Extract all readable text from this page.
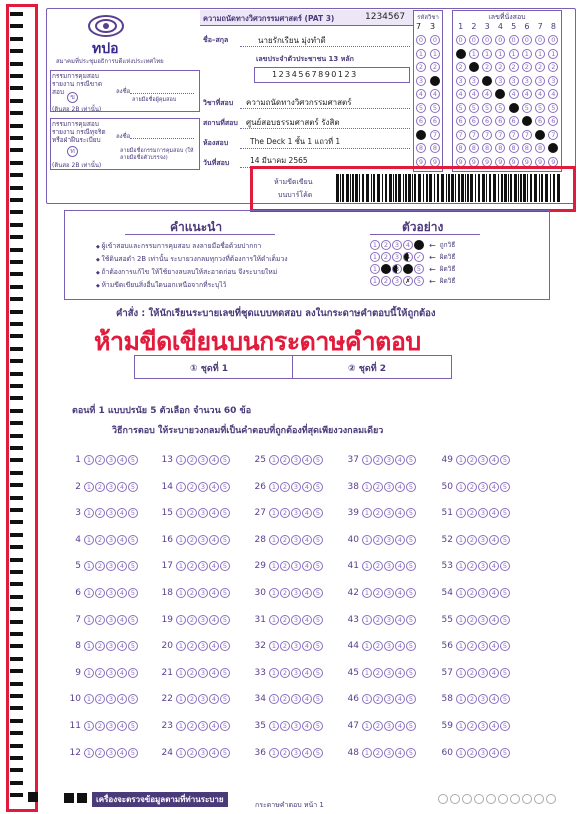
ทปอ
สมาคมที่ประชุมอธิการบดีแห่งประเทศไทย
กรรมการคุมสอบรายงาน กรณีขาดสอบ
ข
(ดินสอ 2B เท่านั้น)
ลงชื่อ
ลายมือชื่อผู้คุมสอบ
กรรมการคุมสอบรายงาน กรณีทุจริตหรือฝ่าฝืนระเบียบ
ท
(ดินสอ 2B เท่านั้น)
ลงชื่อ
ลายมือชื่อกรรมการคุมสอบ (ให้ลายมือชื่อตัวบรรจง)
ความถนัดทางวิศวกรรมศาสตร์ (PAT 3)	1234567
ชื่อ–สกุล	นายรักเรียน มุ่งทำดี
เลขประจำตัวประชาชน 13 หลัก
1234567890123
วิชาที่สอบ ความถนัดทางวิศวกรรมศาสตร์
สถานที่สอบ ศูนย์สอบธรรมศาสตร์ รังสิต
ห้องสอบ	The Deck 1 ชั้น 1 แถวที่ 1
วันที่สอบ	14 มีนาคม 2565
รหัสวิชา
7 3
0	0
1	1
2	2
3	3
4	4
5	5
6	6
7	7
8	8
9	9
เลขที่นั่งสอบ
1 2 3 4 5 6 7 8
0	0	0	0	0	0	0	0
1	1	1	1	1	1	1	1
2	2	2	2	2	2	2	2
3	3	3	3	3	3	3	3
4	4	4	4	4	4	4	4
5	5	5	5	5	5	5	5
6	6	6	6	6	6	6	6
7	7	7	7	7	7	7	7
8	8	8	8	8	8	8	8
9	9	9	9	9	9	9	9
ห้ามขีดเขียน
บนบาร์โค้ด
คำแนะนำ
◆ ผู้เข้าสอบและกรรมการคุมสอบ ลงลายมือชื่อด้วยปากกา
◆ ใช้ดินสอดำ 2B เท่านั้น ระบายวงกลมทุกวงที่ต้องการให้ดำเต็มวง
◆ ถ้าต้องการแก้ไข ให้ใช้ยางลบลบให้สะอาดก่อน จึงระบายใหม่
◆ ห้ามขีดเขียนสิ่งอื่นใดนอกเหนือจากที่ระบุไว้
ตัวอย่าง
1	2	3	4	5 ← ถูกวิธี
1	2	3	4 ✓ ← ผิดวิธี
1	2	3	4	5 ← ผิดวิธี
1	2	3 ✗ 5 ← ผิดวิธี
คำสั่ง : ให้นักเรียนระบายเลขที่ชุดแบบทดสอบ ลงในกระดาษคำตอบนี้ให้ถูกต้อง
① ชุดที่ 1	② ชุดที่ 2
ห้ามขีดเขียนบนกระดาษคำตอบ
ตอนที่ 1 แบบปรนัย 5 ตัวเลือก จำนวน 60 ข้อ
วิธีการตอบ ให้ระบายวงกลมที่เป็นคำตอบที่ถูกต้องที่สุดเพียงวงกลมเดียว
1 1	2	3	4	5
2 1	2	3	4	5
3 1	2	3	4	5
4 1	2	3	4	5
5 1	2	3	4	5
6 1	2	3	4	5
7 1	2	3	4	5
8 1	2	3	4	5
9 1	2	3	4	5
10 1	2	3	4	5
11 1	2	3	4	5
12 1	2	3	4	5
13 1	2	3	4	5
14 1	2	3	4	5
15 1	2	3	4	5
16 1	2	3	4	5
17 1	2	3	4	5
18 1	2	3	4	5
19 1	2	3	4	5
20 1	2	3	4	5
21 1	2	3	4	5
22 1	2	3	4	5
23 1	2	3	4	5
24 1	2	3	4	5
25 1	2	3	4	5
26 1	2	3	4	5
27 1	2	3	4	5
28 1	2	3	4	5
29 1	2	3	4	5
30 1	2	3	4	5
31 1	2	3	4	5
32 1	2	3	4	5
33 1	2	3	4	5
34 1	2	3	4	5
35 1	2	3	4	5
36 1	2	3	4	5
37 1	2	3	4	5
38 1	2	3	4	5
39 1	2	3	4	5
40 1	2	3	4	5
41 1	2	3	4	5
42 1	2	3	4	5
43 1	2	3	4	5
44 1	2	3	4	5
45 1	2	3	4	5
46 1	2	3	4	5
47 1	2	3	4	5
48 1	2	3	4	5
49 1	2	3	4	5
50 1	2	3	4	5
51 1	2	3	4	5
52 1	2	3	4	5
53 1	2	3	4	5
54 1	2	3	4	5
55 1	2	3	4	5
56 1	2	3	4	5
57 1	2	3	4	5
58 1	2	3	4	5
59 1	2	3	4	5
60 1	2	3	4	5
เครื่องจะตรวจข้อมูลตามที่ท่านระบาย
กระดาษคำตอบ หน้า 1
